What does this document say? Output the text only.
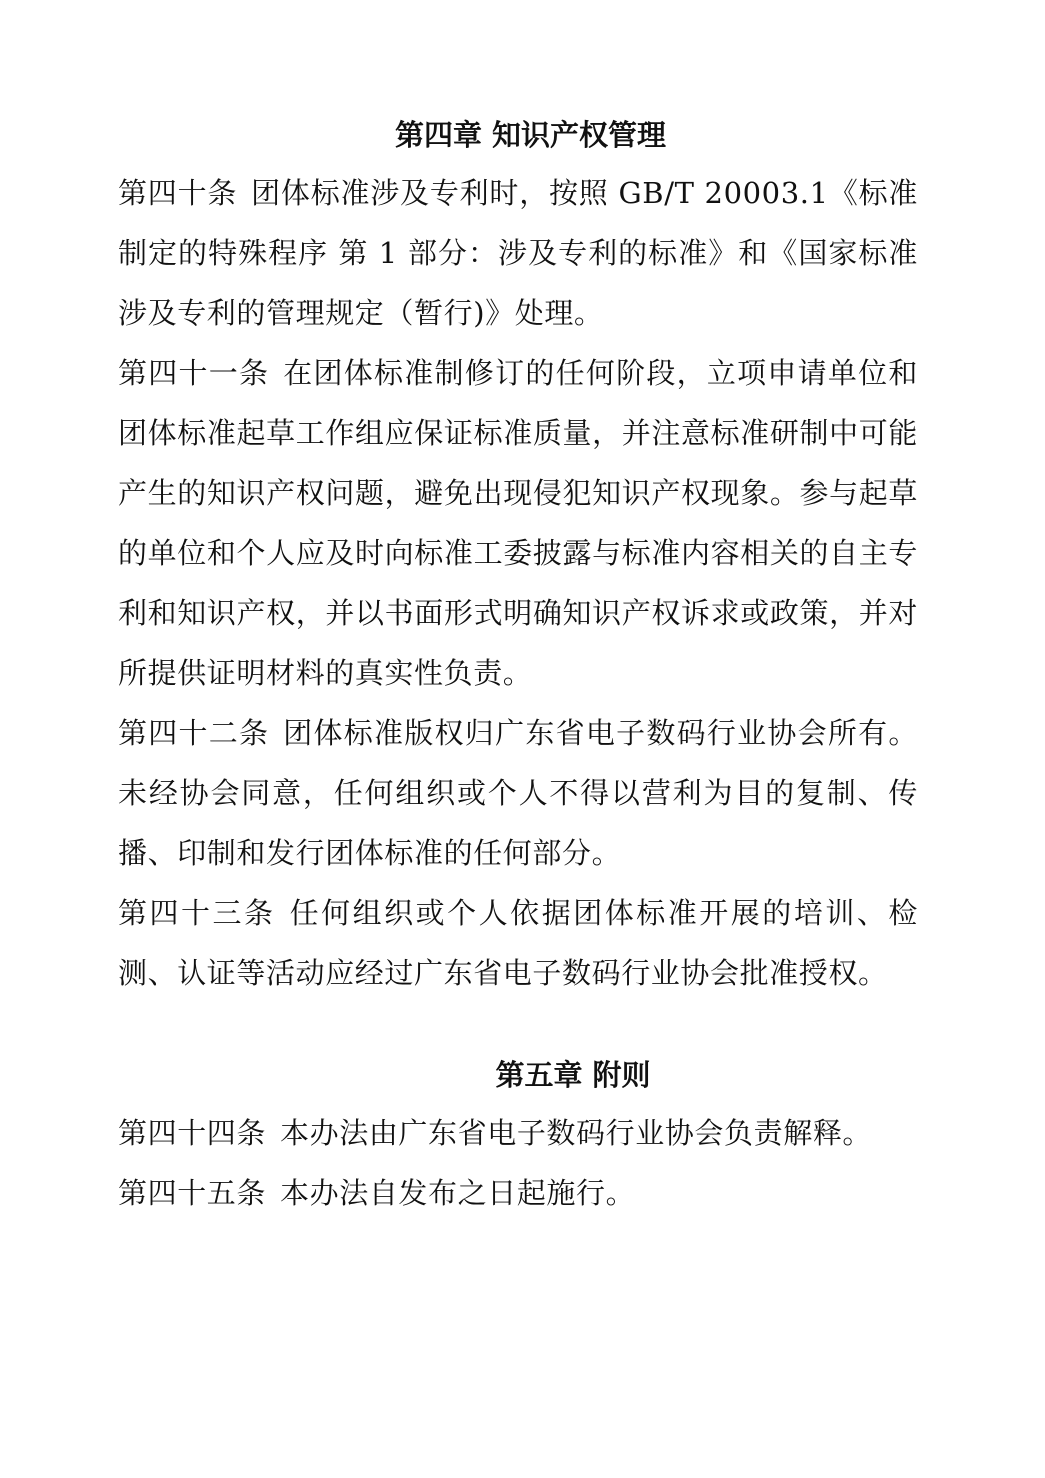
第四章 知识产权管理

第四十条 团体标准涉及专利时，按照 GB/T 20003.1《标准制定的特殊程序 第 1 部分：涉及专利的标准》和《国家标准涉及专利的管理规定（暂行)》处理。

第四十一条 在团体标准制修订的任何阶段，立项申请单位和团体标准起草工作组应保证标准质量，并注意标准研制中可能产生的知识产权问题，避免出现侵犯知识产权现象。参与起草的单位和个人应及时向标准工委披露与标准内容相关的自主专利和知识产权，并以书面形式明确知识产权诉求或政策，并对所提供证明材料的真实性负责。

第四十二条 团体标准版权归广东省电子数码行业协会所有。未经协会同意，任何组织或个人不得以营利为目的复制、传播、印制和发行团体标准的任何部分。

第四十三条 任何组织或个人依据团体标准开展的培训、检测、认证等活动应经过广东省电子数码行业协会批准授权。

第五章 附则

第四十四条 本办法由广东省电子数码行业协会负责解释。

第四十五条 本办法自发布之日起施行。
